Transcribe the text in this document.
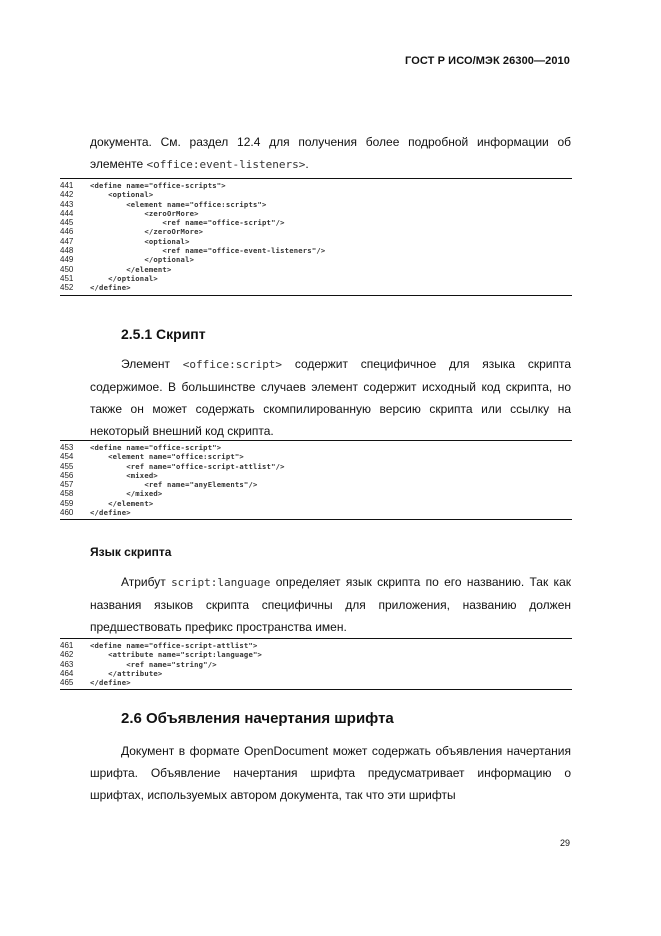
ГОСТ Р ИСО/МЭК 26300—2010
документа. См. раздел 12.4 для получения более подробной информации об
элементе <office:event-listeners>.
441	<define name="office-scripts">
442	<optional>
443	<element name="office:scripts">
444	<zeroOrMore>
445	<ref name="office-script"/>
446	</zeroOrMore>
447	<optional>
448	<ref name="office-event-listeners"/>
449	</optional>
450	</element>
451	</optional>
452	</define>
2.5.1 Скрипт
Элемент <office:script> содержит специфичное для языка скрипта содержимое. В большинстве случаев элемент содержит исходный код скрипта, но также он может содержать скомпилированную версию скрипта или ссылку на некоторый внешний код скрипта.
453	<define name="office-script">
454	<element name="office:script">
455	<ref name="office-script-attlist"/>
456	<mixed>
457	<ref name="anyElements"/>
458	</mixed>
459	</element>
460	</define>
Язык скрипта
Атрибут script:language определяет язык скрипта по его названию. Так как названия языков скрипта специфичны для приложения, названию должен предшествовать префикс пространства имен.
461	<define name="office-script-attlist">
462	<attribute name="script:language">
463	<ref name="string"/>
464	</attribute>
465	</define>
2.6 Объявления начертания шрифта
Документ в формате OpenDocument может содержать объявления начертания шрифта. Объявление начертания шрифта предусматривает информацию о шрифтах, используемых автором документа, так что эти шрифты
29
